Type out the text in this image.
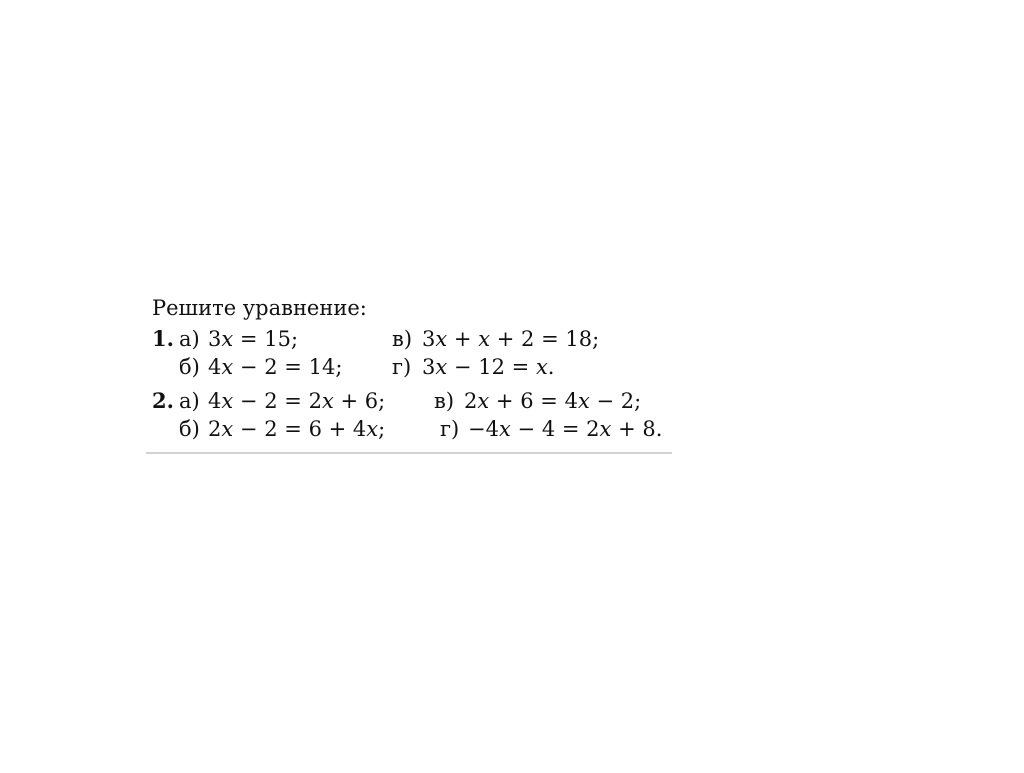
Решите уравнение:
1. а) 3x = 15;	в) 3x + x + 2 = 18;
б) 4x − 2 = 14; г) 3x − 12 = x.
2. а) 4x − 2 = 2x + 6; в) 2x + 6 = 4x − 2;
б) 2x − 2 = 6 + 4x;	г) −4x − 4 = 2x + 8.
